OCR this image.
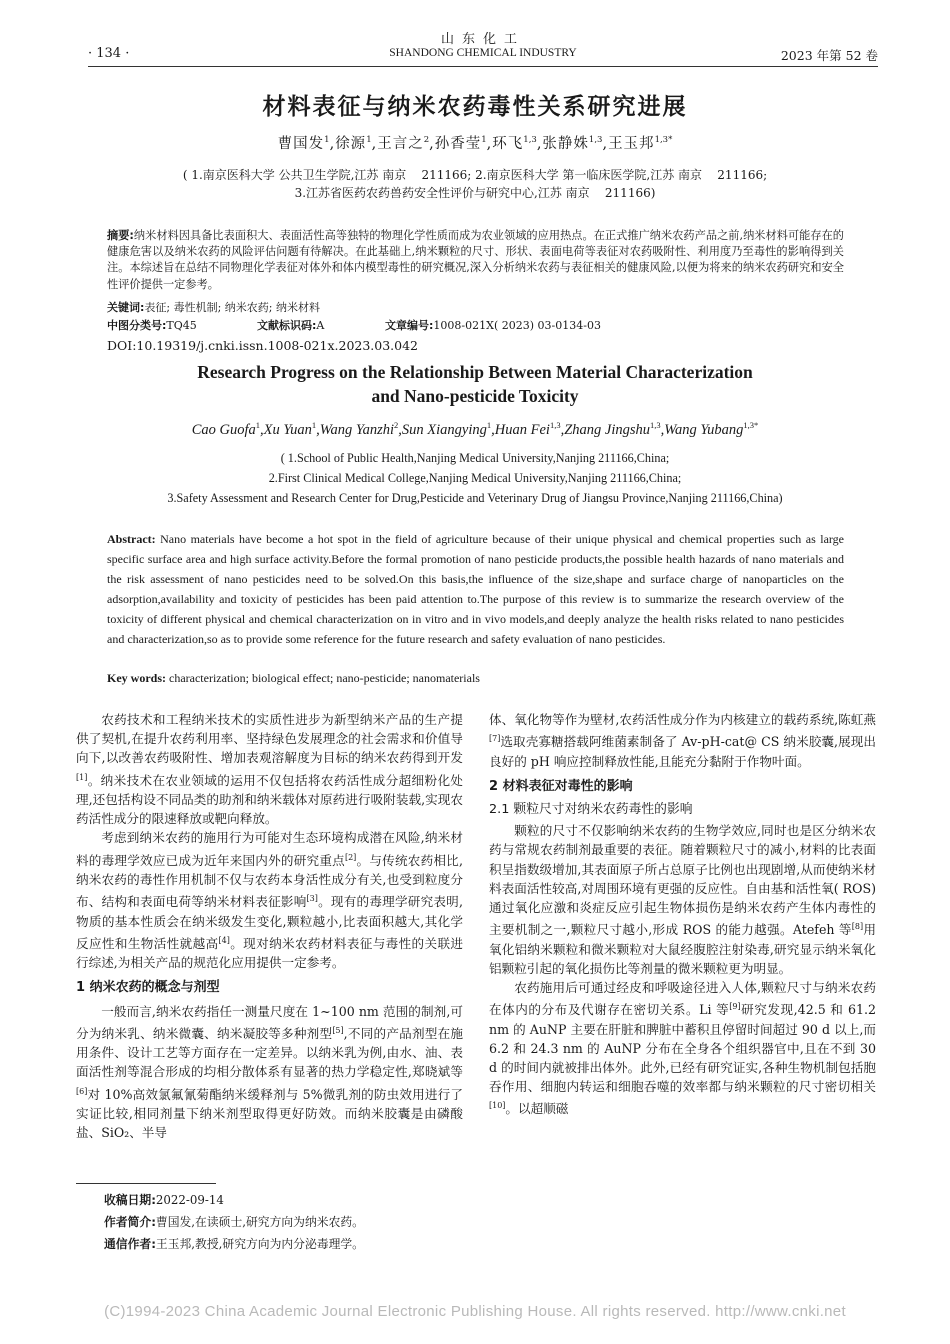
山东化工
· 134 ·	SHANDONG CHEMICAL INDUSTRY	2023 年第 52 卷
材料表征与纳米农药毒性关系研究进展
曹国发$^1$,徐源$^1$,王言之$^2$,孙香莹$^1$,环飞$^{1,3}$,张静姝$^{1,3}$,王玉邦$^{1,3*}$
( 1.南京医科大学 公共卫生学院,江苏 南京    211166; 2.南京医科大学 第一临床医学院,江苏 南京    211166;
3.江苏省医药农药兽药安全性评价与研究中心,江苏 南京    211166)
摘要:纳米材料因具备比表面积大、表面活性高等独特的物理化学性质而成为农业领域的应用热点。在正式推广纳米农药产品之前,纳米材料可能存在的健康危害以及纳米农药的风险评估问题有待解决。在此基础上,纳米颗粒的尺寸、形状、表面电荷等表征对农药吸附性、利用度乃至毒性的影响得到关注。本综述旨在总结不同物理化学表征对体外和体内模型毒性的研究概况,深入分析纳米农药与表征相关的健康风险,以便为将来的纳米农药研究和安全性评价提供一定参考。
关键词:表征; 毒性机制; 纳米农药; 纳米材料
中图分类号:TQ45	文献标识码:A	文章编号:1008-021X( 2023) 03-0134-03
DOI:10.19319/j.cnki.issn.1008-021x.2023.03.042
Research Progress on the Relationship Between Material Characterization
and Nano-pesticide Toxicity
Cao Guofa$^1$,Xu Yuan$^1$,Wang Yanzhi$^2$,Sun Xiangying$^1$,Huan Fei$^{1,3}$,Zhang Jingshu$^{1,3}$,Wang Yubang$^{1,3*}$
( 1.School of Public Health,Nanjing Medical University,Nanjing 211166,China;
2.First Clinical Medical College,Nanjing Medical University,Nanjing 211166,China;
3.Safety Assessment and Research Center for Drug,Pesticide and Veterinary Drug of Jiangsu Province,Nanjing 211166,China)
Abstract: Nano materials have become a hot spot in the field of agriculture because of their unique physical and chemical properties such as large specific surface area and high surface activity.Before the formal promotion of nano pesticide products,the possible health hazards of nano materials and the risk assessment of nano pesticides need to be solved.On this basis,the influence of the size,shape and surface charge of nanoparticles on the adsorption,availability and toxicity of pesticides has been paid attention to.The purpose of this review is to summarize the research overview of the toxicity of different physical and chemical characterization on in vitro and in vivo models,and deeply analyze the health risks related to nano pesticides and characterization,so as to provide some reference for the future research and safety evaluation of nano pesticides.
Key words: characterization; biological effect; nano-pesticide; nanomaterials

农药技术和工程纳米技术的实质性进步为新型纳米产品的生产提供了契机,在提升农药利用率、坚持绿色发展理念的社会需求和价值导向下,以改善农药吸附性、增加表观溶解度为目标的纳米农药得到开发[1]。纳米技术在农业领域的运用不仅包括将农药活性成分超细粉化处理,还包括构设不同品类的助剂和纳米载体对原药进行吸附装载,实现农药活性成分的限速释放或靶向释放。

考虑到纳米农药的施用行为可能对生态环境构成潜在风险,纳米材料的毒理学效应已成为近年来国内外的研究重点[2]。与传统农药相比,纳米农药的毒性作用机制不仅与农药本身活性成分有关,也受到粒度分布、结构和表面电荷等纳米材料表征影响[3]。现有的毒理学研究表明,物质的基本性质会在纳米级发生变化,颗粒越小,比表面积越大,其化学反应性和生物活性就越高[4]。现对纳米农药材料表征与毒性的关联进行综述,为相关产品的规范化应用提供一定参考。

1 纳米农药的概念与剂型

一般而言,纳米农药指任一测量尺度在 1~100 nm 范围的制剂,可分为纳米乳、纳米微囊、纳米凝胶等多种剂型[5],不同的产品剂型在施用条件、设计工艺等方面存在一定差异。以纳米乳为例,由水、油、表面活性剂等混合形成的均相分散体系有显著的热力学稳定性,郑晓斌等[6]对 10%高效氯氟氰菊酯纳米缓释剂与 5%微乳剂的防虫效用进行了实证比较,相同剂量下纳米剂型取得更好防效。而纳米胶囊是由磷酸盐、SiO₂、半导

体、氧化物等作为壁材,农药活性成分作为内核建立的载药系统,陈虹燕[7]选取壳寡糖搭载阿维菌素制备了 Av-pH-cat@ CS 纳米胶囊,展现出良好的 pH 响应控制释放性能,且能充分黏附于作物叶面。

2 材料表征对毒性的影响
2.1 颗粒尺寸对纳米农药毒性的影响

颗粒的尺寸不仅影响纳米农药的生物学效应,同时也是区分纳米农药与常规农药制剂最重要的表征。随着颗粒尺寸的减小,材料的比表面积呈指数级增加,其表面原子所占总原子比例也出现剧增,从而使纳米材料表面活性较高,对周围环境有更强的反应性。自由基和活性氧( ROS) 通过氧化应激和炎症反应引起生物体损伤是纳米农药产生体内毒性的主要机制之一,颗粒尺寸越小,形成 ROS 的能力越强。Atefeh 等[8]用氧化铝纳米颗粒和微米颗粒对大鼠经腹腔注射染毒,研究显示纳米氧化铝颗粒引起的氧化损伤比等剂量的微米颗粒更为明显。

农药施用后可通过经皮和呼吸途径进入人体,颗粒尺寸与纳米农药在体内的分布及代谢存在密切关系。Li 等[9]研究发现,42.5 和 61.2 nm 的 AuNP 主要在肝脏和脾脏中蓄积且停留时间超过 90 d 以上,而 6.2 和 24.3 nm 的 AuNP 分布在全身各个组织器官中,且在不到 30 d 的时间内就被排出体外。此外,已经有研究证实,各种生物机制包括胞吞作用、细胞内转运和细胞吞噬的效率都与纳米颗粒的尺寸密切相关[10]。以超顺磁

收稿日期:2022-09-14
作者简介:曹国发,在读硕士,研究方向为纳米农药。
通信作者:王玉邦,教授,研究方向为内分泌毒理学。
(C)1994-2023 China Academic Journal Electronic Publishing House. All rights reserved. http://www.cnki.net
